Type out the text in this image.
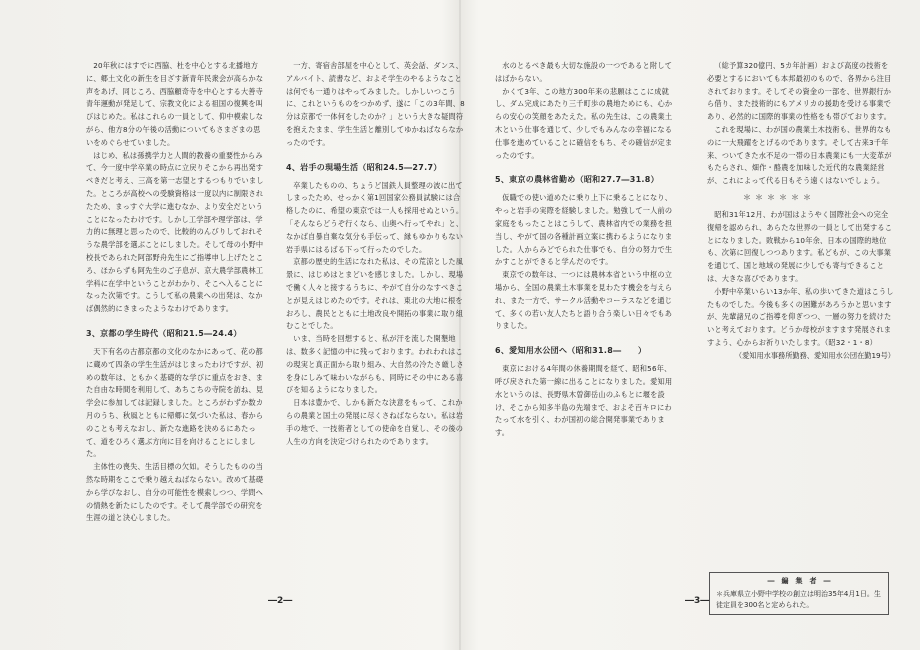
20年秋にはすでに西脇、杜を中心とする北播地方に、郷土文化の新生を目ざす新青年民衆会が高らかな声をあげ、同じころ、西脇顧奇寺を中心とする大善寺青年運動が発足して、宗教文化による祖国の復興を叫びはじめた。私はこれらの一員として、仰中模索しながら、他方8分の午後の活動についてもさまざまの思いをめぐらせていました。

はじめ、私は孫携学力と人間的教養の重要性からみて、今一度中学卒業の時点に立戻りそこから再出発すべきだと考え、三高を第一志望とするつもりでいました。ところが高校への受験資格は一度以内に制限されたため、まっすぐ大学に進むなか、より安全だということになったわけです。しかし工学部や理学部は、学力的に無理と思ったので、比較的のんびりしておれそうな農学部を選ぶことにしました。そして母の小野中校長であられた阿部野舟先生にご指導申し上げたところ、ほからずも阿先生のご子息が、京大農学部農林工学科に在学中ということがわかり、そこへ入ることになった次第です。こうして私の農業への出発は、なかば偶然的にきまったようなわけであります。

3、京都の学生時代（昭和21.5―24.4）

天下有名の古都京都の文化のなかにあって、花の都に蔵めて四条の学生生活がはじまったわけですが、初めの数年は、ともかく基礎的な学びに重点をおき、また自由な時間を利用して、あちこちの寺院を訪ね、見学会に参加しては記録しました。ところがわずか数カ月のうち、秋風とともに帰郷に気づいた私は、春からのことも考えなおし、新たな進路を決めるにあたって、道をひろく選ぶ方向に目を向けることにしました。

主体性の喪失、生活目標の欠如。そうしたものの当然な時期をここで乗り越えねばならない。改めて基礎から学びなおし、自分の可能性を模索しつつ、学問への情熱を新たにしたのです。そして農学部での研究を生涯の道と決心しました。

一方、寄宿舎部屋を中心として、英会話、ダンス、アルバイト、読書など、およそ学生のやるようなことは何でも一通りはやってみました。しかしいつこうに、これというものをつかめず、遂に「この3年間、8分は京都で一体何をしたのか？」という大きな疑問符を抱えたまま、学生生活と離別してゆかねばならなかったのです。

4、岩手の現場生活（昭和24.5―27.7）

卒業したものの、ちょうど国鉄人員整理の波に出てしまったため、せっかく第1回国家公務員試験には合格したのに、希望の東京では一人も採用せぬという。「そんならどうぞ行くなら、山奥へ行ってやれ」と、なかば自暴自棄な気分も手伝って、縁もゆかりもない岩手県にはるばる下って行ったのでした。

京都の歴史的生活になれた私は、その荒涼とした風景に、はじめはとまどいを感じました。しかし、現場で働く人々と接するうちに、やがて自分のなすべきことが見えはじめたのです。それは、東北の大地に根をおろし、農民とともに土地改良や開拓の事業に取り組むことでした。

いま、当時を回想すると、私が汗を流した開墾地は、数多く記憶の中に残っております。われわれはこの現実と真正面から取り組み、大自然の冷たさ厳しさを身にしみて味わいながらも、同時にその中にある喜びを知るようになりました。

日本は豊かで、しかも新たな決意をもって、これからの農業と国土の発展に尽くさねばならない。私は岩手の地で、一技術者としての使命を自覚し、その後の人生の方向を決定づけられたのであります。

水のとるべき最も大切な施設の一つであると附してはばからない。

かくて3年、この地方300年来の悲願はここに成就し、ダム完成にあたり三千町歩の農地ためにも、心からの安心の笑顔をあたえた。私の先生は、この農業土木という仕事を通じて、少しでもみんなの幸福になる仕事を進めていることに確信をもち、その確信が定まったのです。

5、東京の農林省勤め（昭和27.7―31.8）

仮職での使い道めたに乗り上下に乗ることになり、やっと岩手の実際を経験しました。勉強して一人前の家庭をもったことはこうして、農林省内での業務を担当し、やがて国の各種計画立案に携わるようになりました。人からみどでられた仕事でも、自分の努力で生かすことができると学んだのです。

東京での数年は、一つには農林本省という中枢の立場から、全国の農業土木事業を見わたす機会を与えられ、また一方で、サークル活動やコーラスなどを通じて、多くの若い友人たちと語り合う楽しい日々でもありました。

6、愛知用水公団へ（昭和31.8―　　）

東京における4年間の休養期間を経て、昭和56年、呼び戻された第一線に出ることになりました。愛知用水というのは、長野県木曽御岳山のふもとに堰を設け、そこから知多半島の先端まで、およそ百キロにわたって水を引く、わが国初の総合開発事業であります。

（総予算320億円、5カ年計画）および高度の技術を必要とするにおいても本邦最初のもので、各界から注目されております。そしてその資金の一部を、世界銀行から借り、また技術的にもアメリカの援助を受ける事業であり、必然的に国際的事業の性格をも帯びております。

これを現場に、わが国の農業土木技術も、世界的なものに一大飛躍をとげるのであります。そして古来3千年来、ついてきた水不足の一帯の日本農業にも一大変革がもたらされ、畑作・酪農を加味した近代的な農業経営が、これによって代る日もそう遠くはないでしょう。

＊＊＊＊＊＊

昭和31年12月、わが国はようやく国際社会への完全復帰を認められ、あらたな世界の一員として出発することになりました。敗戦から10年余、日本の国際的地位も、次第に回復しつつあります。私どもが、この大事業を通じて、国と地域の発展に少しでも寄与できることは、大きな喜びであります。

小野中卒業いらい13か年、私の歩いてきた道はこうしたものでした。今後も多くの困難があろうかと思いますが、先輩諸兄のご指導を仰ぎつつ、一層の努力を続けたいと考えております。どうか母校がますます発展されますよう、心からお祈りいたします。（昭32・1・8）

（愛知用水事務所勤務、愛知用水公団在勤19号）
―　編　集　者　―
＊兵庫県立小野中学校の創立は明治35年4月1日。生徒定員を300名と定められた。
―2―	―3―
